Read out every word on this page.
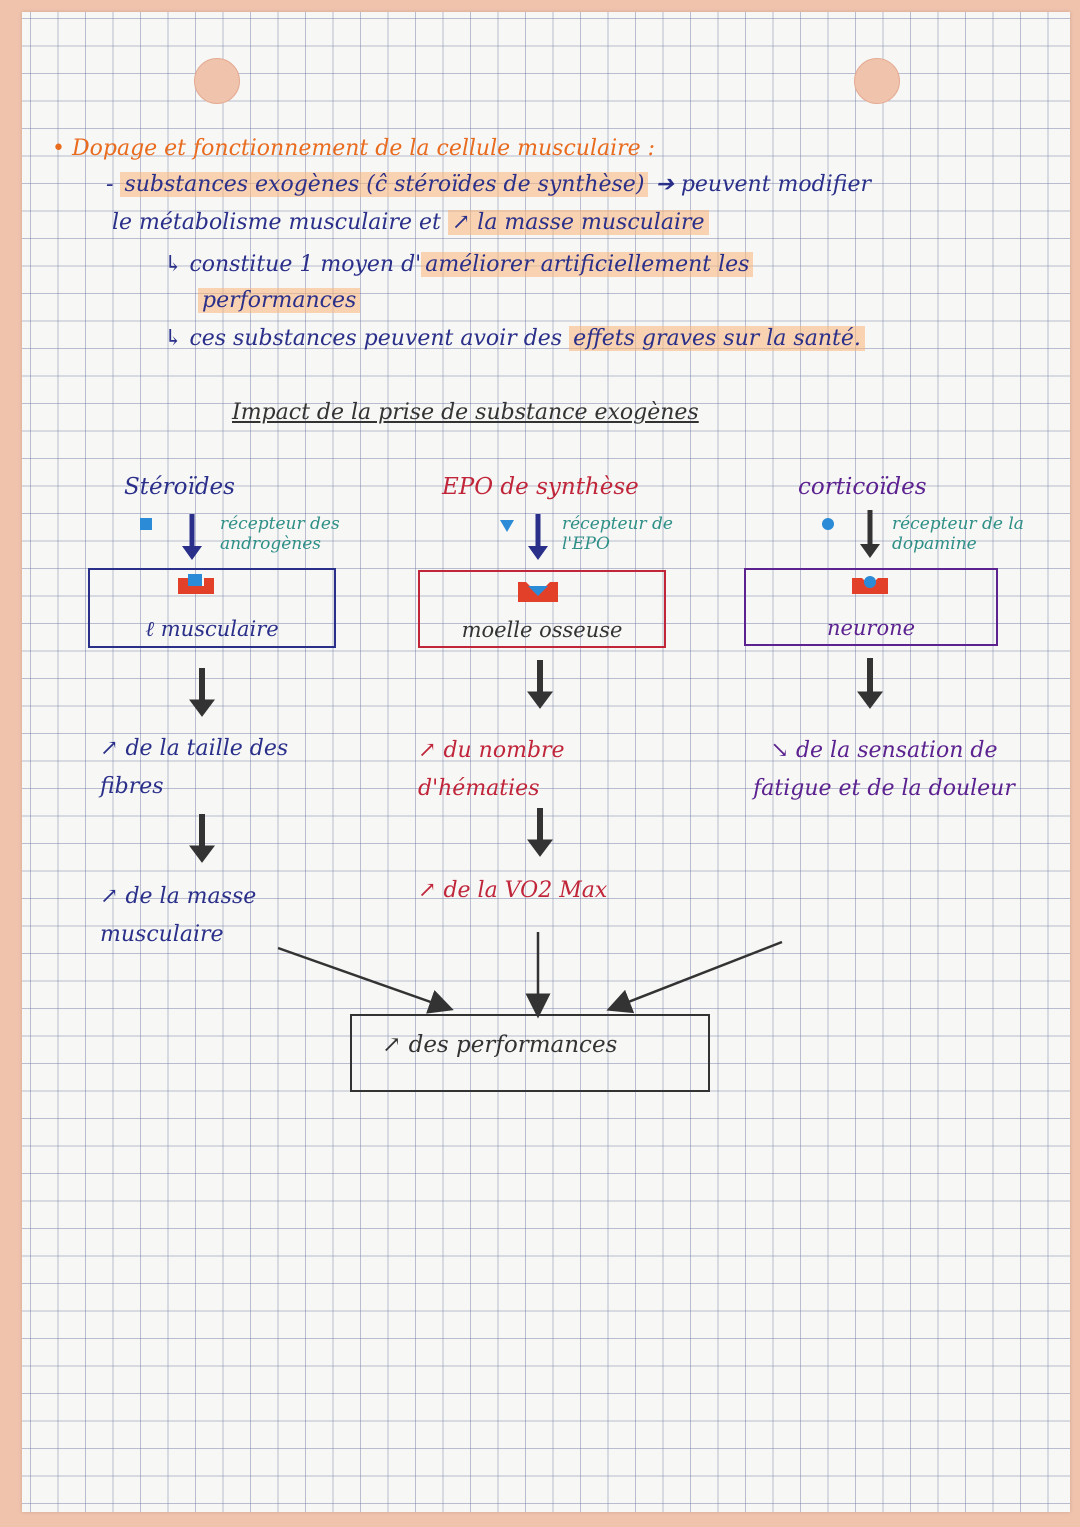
• Dopage et fonctionnement de la cellule musculaire :
- substances exogènes (ĉ stéroïdes de synthèse) ➔ peuvent modifier
le métabolisme musculaire et ↗ la masse musculaire
↳ constitue 1 moyen d' améliorer artificiellement les
performances
↳ ces substances peuvent avoir des effets graves sur la santé.
Impact de la prise de substance exogènes
Stéroïdes
récepteur des androgènes
ℓ musculaire
↗ de la taille des fibres
↗ de la masse musculaire
EPO de synthèse
récepteur de l'EPO
moelle osseuse
↗ du nombre d'hématies
↗ de la VO2 Max
corticoïdes
récepteur de la dopamine
neurone
↘ de la sensation de fatigue et de la douleur
↗ des performances
